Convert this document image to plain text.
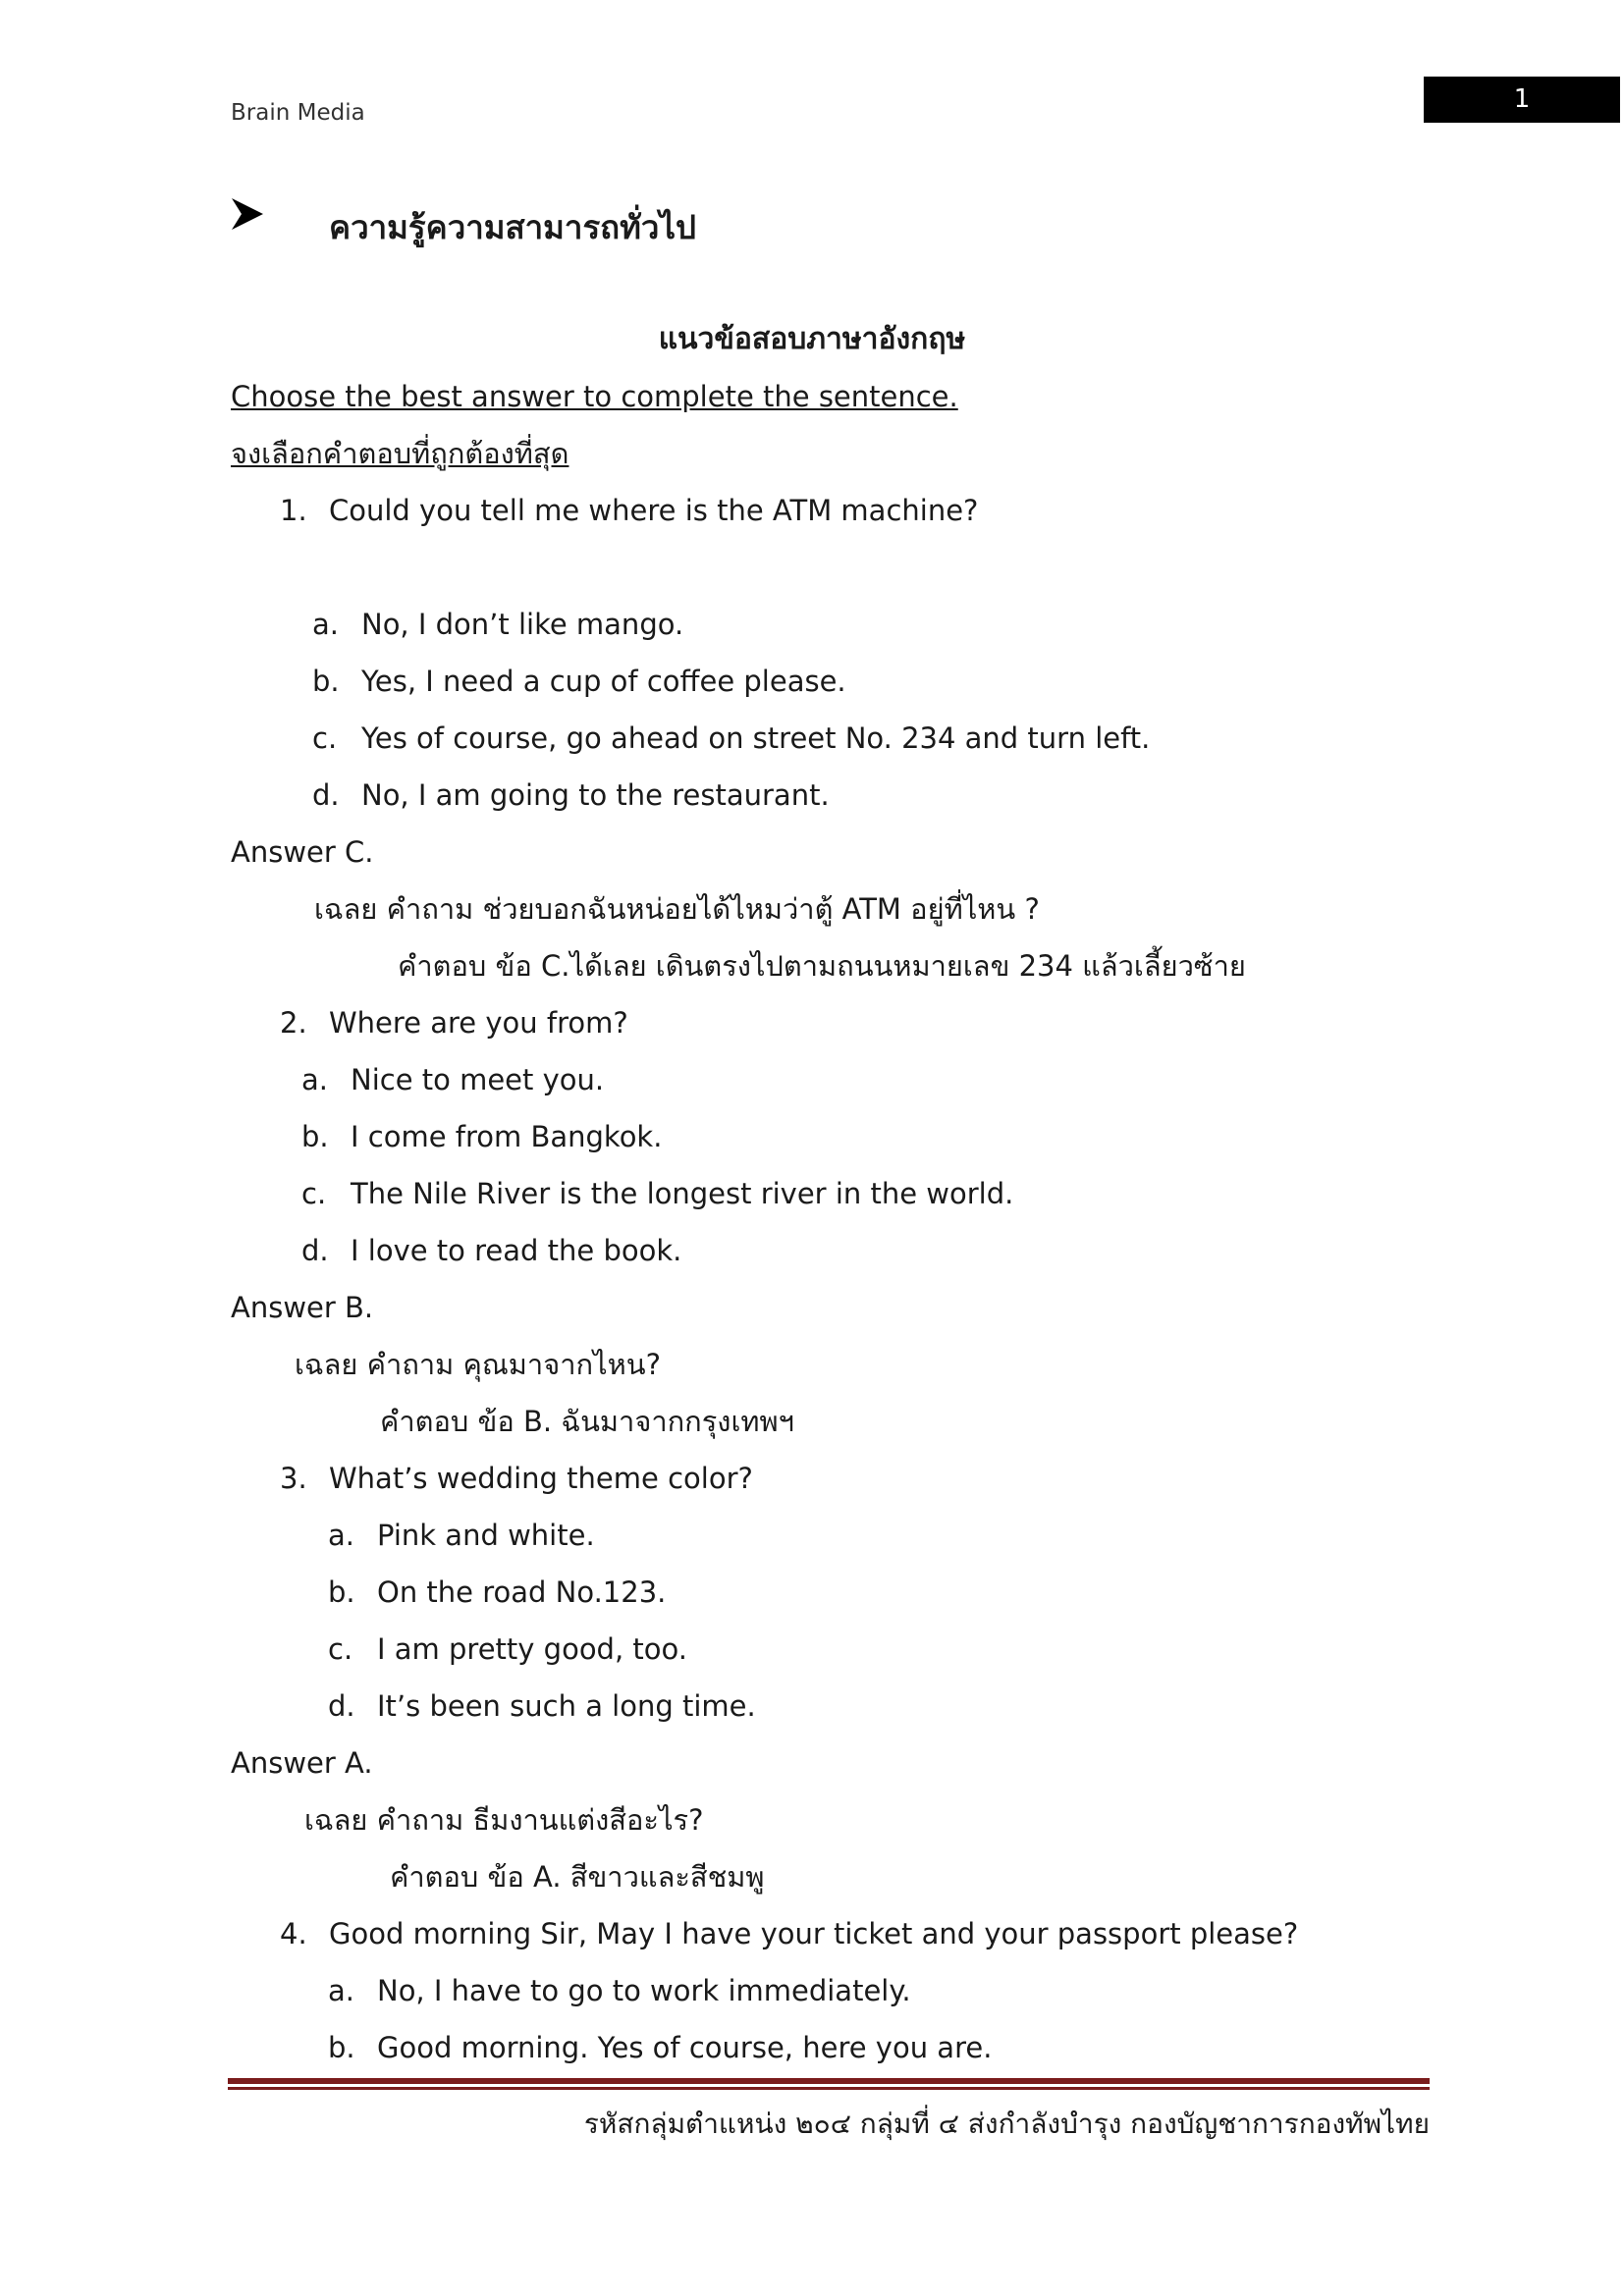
Brain Media	1
ความรู้ความสามารถทั่วไป
แนวข้อสอบภาษาอังกฤษ
Choose the best answer to complete the sentence.
จงเลือกคำตอบที่ถูกต้องที่สุด
1. Could you tell me where is the ATM machine?
a. No, I don’t like mango.
b. Yes, I need a cup of coffee please.
c. Yes of course, go ahead on street No. 234 and turn left.
d. No, I am going to the restaurant.
Answer C.
เฉลย คำถาม ช่วยบอกฉันหน่อยได้ไหมว่าตู้ ATM อยู่ที่ไหน ?
คำตอบ ข้อ C.ได้เลย เดินตรงไปตามถนนหมายเลข 234 แล้วเลี้ยวซ้าย
2. Where are you from?
a. Nice to meet you.
b. I come from Bangkok.
c. The Nile River is the longest river in the world.
d. I love to read the book.
Answer B.
เฉลย คำถาม คุณมาจากไหน?
คำตอบ ข้อ B. ฉันมาจากกรุงเทพฯ
3. What’s wedding theme color?
a. Pink and white.
b. On the road No.123.
c. I am pretty good, too.
d. It’s been such a long time.
Answer A.
เฉลย คำถาม ธีมงานแต่งสีอะไร?
คำตอบ ข้อ A. สีขาวและสีชมพู
4. Good morning Sir, May I have your ticket and your passport please?
a. No, I have to go to work immediately.
b. Good morning. Yes of course, here you are.
รหัสกลุ่มตำแหน่ง ๒๐๔ กลุ่มที่ ๔ ส่งกำลังบำรุง กองบัญชาการกองทัพไทย
